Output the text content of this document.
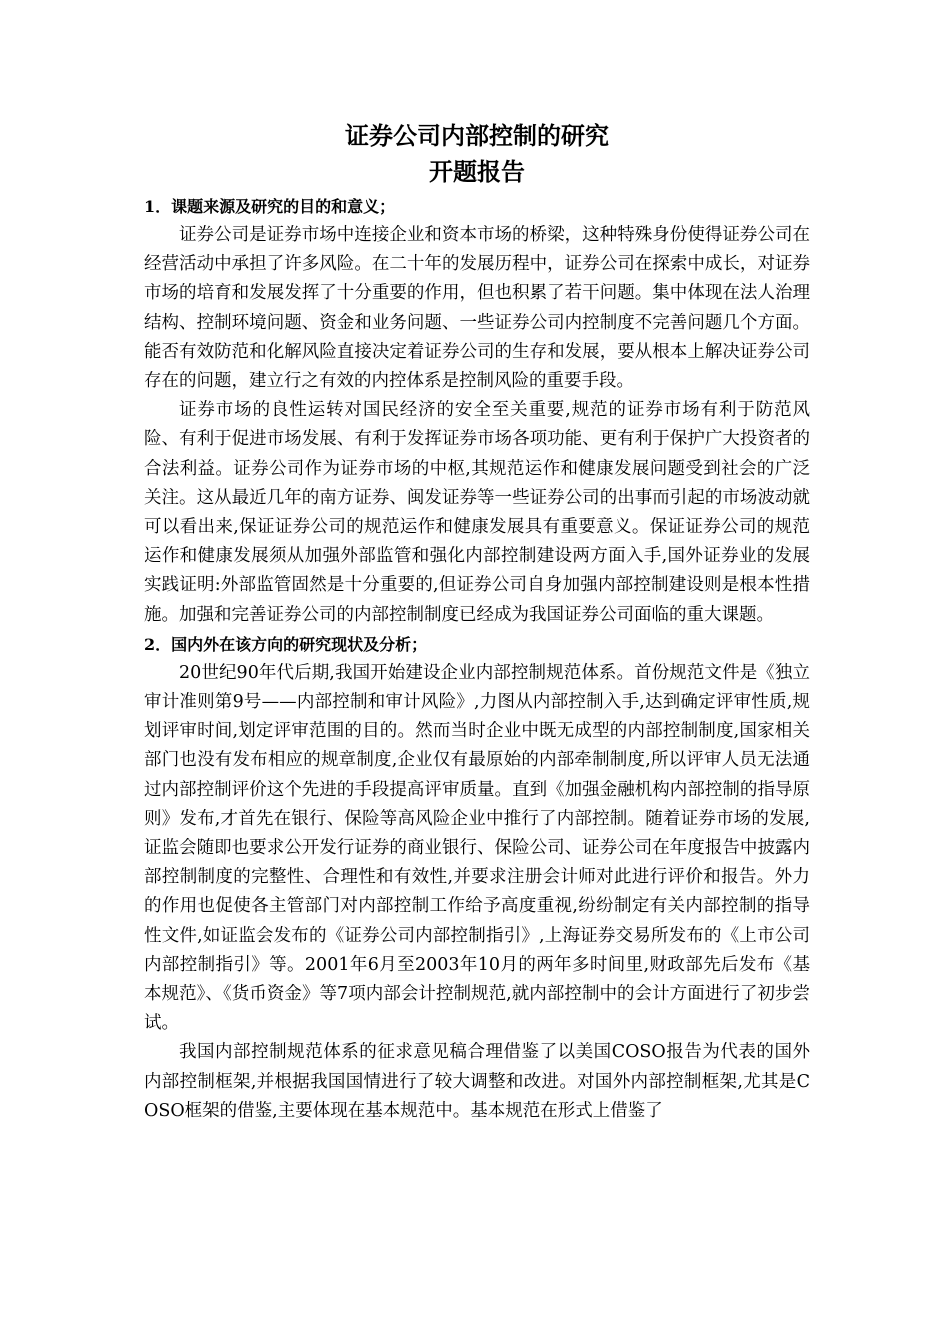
证券公司内部控制的研究
开题报告
1．课题来源及研究的目的和意义；

证券公司是证券市场中连接企业和资本市场的桥梁，这种特殊身份使得证券公司在经营活动中承担了许多风险。在二十年的发展历程中，证券公司在探索中成长，对证券市场的培育和发展发挥了十分重要的作用，但也积累了若干问题。集中体现在法人治理结构、控制环境问题、资金和业务问题、一些证券公司内控制度不完善问题几个方面。能否有效防范和化解风险直接决定着证券公司的生存和发展，要从根本上解决证券公司存在的问题，建立行之有效的内控体系是控制风险的重要手段。

证券市场的良性运转对国民经济的安全至关重要,规范的证券市场有利于防范风险、有利于促进市场发展、有利于发挥证券市场各项功能、更有利于保护广大投资者的合法利益。证券公司作为证券市场的中枢,其规范运作和健康发展问题受到社会的广泛关注。这从最近几年的南方证券、闽发证券等一些证券公司的出事而引起的市场波动就可以看出来,保证证券公司的规范运作和健康发展具有重要意义。保证证券公司的规范运作和健康发展须从加强外部监管和强化内部控制建设两方面入手,国外证券业的发展实践证明:外部监管固然是十分重要的,但证券公司自身加强内部控制建设则是根本性措施。加强和完善证券公司的内部控制制度已经成为我国证券公司面临的重大课题。

2．国内外在该方向的研究现状及分析；

20世纪90年代后期,我国开始建设企业内部控制规范体系。首份规范文件是《独立审计准则第9号——内部控制和审计风险》,力图从内部控制入手,达到确定评审性质,规划评审时间,划定评审范围的目的。然而当时企业中既无成型的内部控制制度,国家相关部门也没有发布相应的规章制度,企业仅有最原始的内部牵制制度,所以评审人员无法通过内部控制评价这个先进的手段提高评审质量。直到《加强金融机构内部控制的指导原则》发布,才首先在银行、保险等高风险企业中推行了内部控制。随着证券市场的发展,证监会随即也要求公开发行证券的商业银行、保险公司、证券公司在年度报告中披露内部控制制度的完整性、合理性和有效性,并要求注册会计师对此进行评价和报告。外力的作用也促使各主管部门对内部控制工作给予高度重视,纷纷制定有关内部控制的指导性文件,如证监会发布的《证券公司内部控制指引》,上海证券交易所发布的《上市公司内部控制指引》等。2001年6月至2003年10月的两年多时间里,财政部先后发布《基本规范》、《货币资金》等7项内部会计控制规范,就内部控制中的会计方面进行了初步尝试。

我国内部控制规范体系的征求意见稿合理借鉴了以美国COSO报告为代表的国外内部控制框架,并根据我国国情进行了较大调整和改进。对国外内部控制框架,尤其是COSO框架的借鉴,主要体现在基本规范中。基本规范在形式上借鉴了
